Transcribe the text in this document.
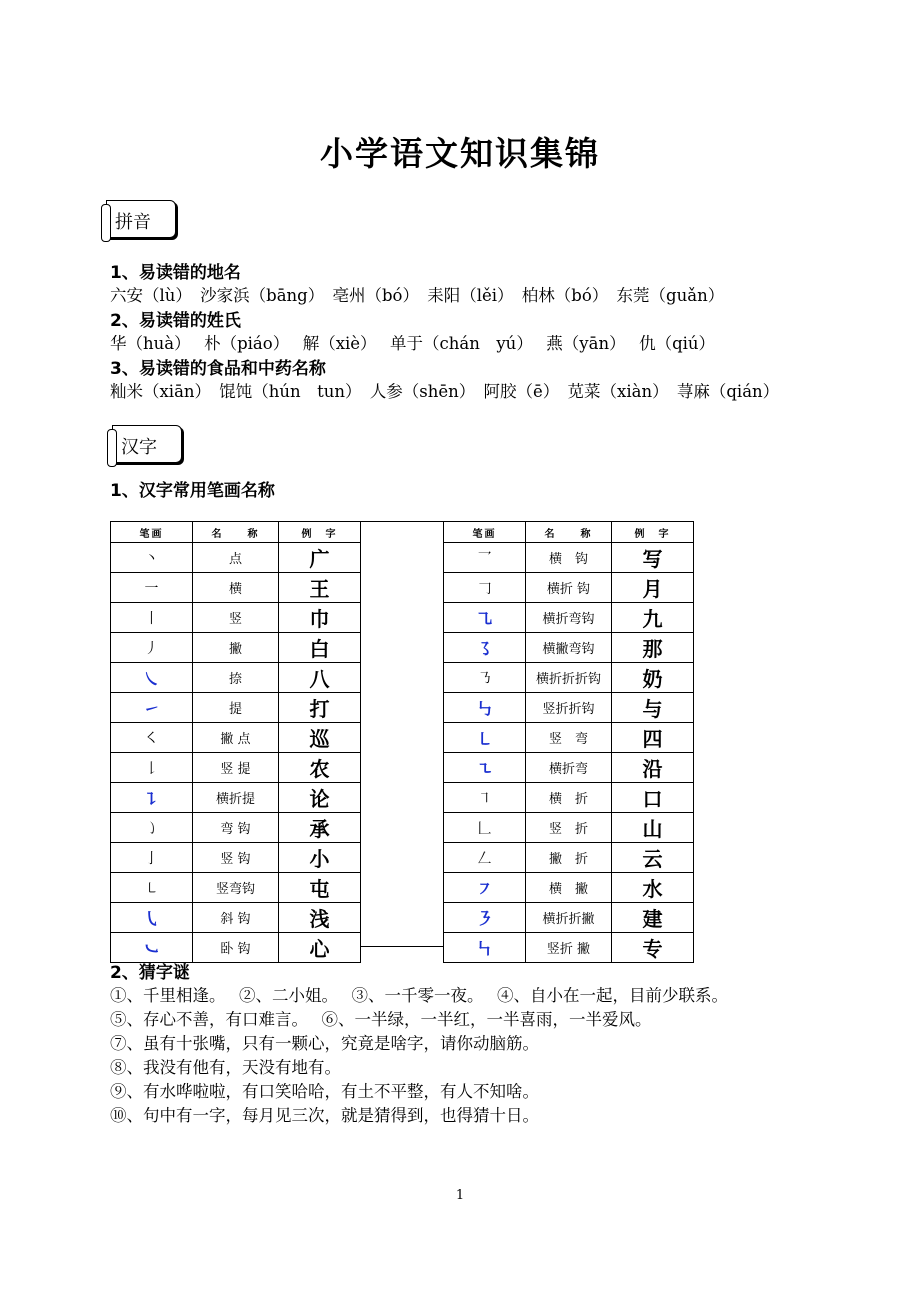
小学语文知识集锦
拼音
1、易读错的地名
六安（lù）　沙家浜（bāng）　亳州（bó）　耒阳（lěi）　柏林（bó）　东莞（guǎn）
2、易读错的姓氏
华（huà）　 朴（piáo）　 解（xiè）　 单于（chán　yú）　 燕（yān）　 仇（qiú）
3、易读错的食品和中药名称
籼米（xiān）　馄饨（hún　tun）　人参（shēn）　阿胶（ē）　苋菜（xiàn）　荨麻（qián）
汉字
1、汉字常用笔画名称
笔画	名　　称	例　字
丶	点	广
一	横	王
丨	竖	巾
丿	撇	白
㇏	捺	八
㇀	提	打
㇛	撇 点	巡
𠄌	竖 提	农
㇊	横折提	论
㇁	弯 钩	承
亅	竖 钩	小
㇄	竖弯钩	屯
㇂	斜 钩	浅
㇃	卧 钩	心
笔画	名　　称	例　字
乛	横　钩	写
𠃌	横折 钩	月
㇈	横折弯钩	九
㇌	横撇弯钩	那
㇡	横折折折钩	奶
㇉	竖折折钩	与
㇄	竖　弯	四
㇍	横折弯	沿
㇕	横　折	口
𠃊	竖　折	山
𠃋	撇　折	云
㇇	横　撇	水
㇋	横折折撇	建
㇞	竖折 撇	专
2、猜字谜
①、千里相逢。　 ②、二小姐。　 ③、一千零一夜。　 ④、自小在一起，目前少联系。
⑤、存心不善，有口难言。　 ⑥、一半绿，一半红，一半喜雨，一半爱风。
⑦、虽有十张嘴，只有一颗心，究竟是啥字，请你动脑筋。
⑧、我没有他有，天没有地有。
⑨、有水哗啦啦，有口笑哈哈，有土不平整，有人不知啥。
⑩、句中有一字，每月见三次，就是猜得到，也得猜十日。
1
